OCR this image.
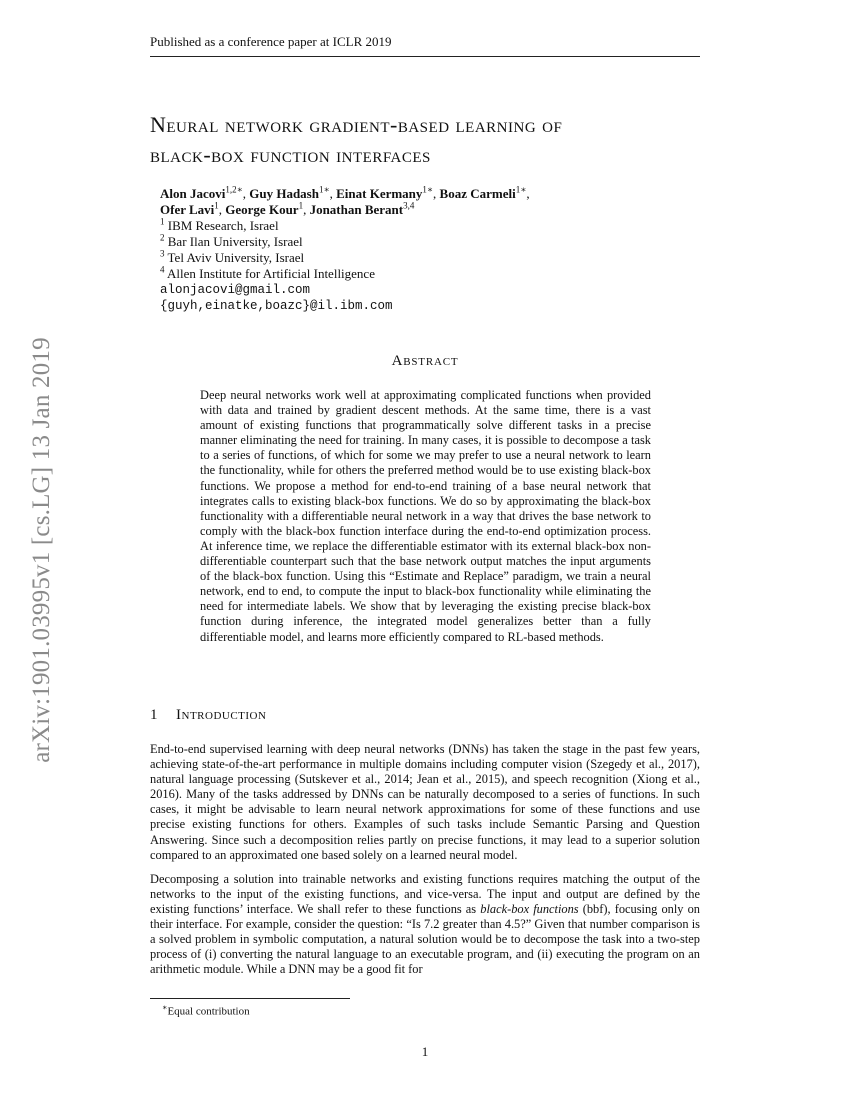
Published as a conference paper at ICLR 2019
arXiv:1901.03995v1 [cs.LG] 13 Jan 2019
Neural network gradient-based learning of
black-box function interfaces
Alon Jacovi$^{1,2∗}$, Guy Hadash$^{1∗}$, Einat Kermany$^{1∗}$, Boaz Carmeli$^{1∗}$,
Ofer Lavi$^1$, George Kour$^1$, Jonathan Berant$^{3,4}$
$^1$ IBM Research, Israel
$^2$ Bar Ilan University, Israel
$^3$ Tel Aviv University, Israel
$^4$ Allen Institute for Artificial Intelligence
alonjacovi@gmail.com
{guyh,einatke,boazc}@il.ibm.com
Abstract
Deep neural networks work well at approximating complicated functions when provided with data and trained by gradient descent methods. At the same time, there is a vast amount of existing functions that programmatically solve different tasks in a precise manner eliminating the need for training. In many cases, it is possible to decompose a task to a series of functions, of which for some we may prefer to use a neural network to learn the functionality, while for others the preferred method would be to use existing black-box functions. We propose a method for end-to-end training of a base neural network that integrates calls to existing black-box functions. We do so by approximating the black-box functionality with a differentiable neural network in a way that drives the base network to comply with the black-box function interface during the end-to-end optimization process. At inference time, we replace the differentiable estimator with its external black-box non-differentiable counterpart such that the base network output matches the input arguments of the black-box function. Using this “Estimate and Replace” paradigm, we train a neural network, end to end, to compute the input to black-box functionality while eliminating the need for intermediate labels. We show that by leveraging the existing precise black-box function during inference, the integrated model generalizes better than a fully differentiable model, and learns more efficiently compared to RL-based methods.
1 Introduction

End-to-end supervised learning with deep neural networks (DNNs) has taken the stage in the past few years, achieving state-of-the-art performance in multiple domains including computer vision (Szegedy et al., 2017), natural language processing (Sutskever et al., 2014; Jean et al., 2015), and speech recognition (Xiong et al., 2016). Many of the tasks addressed by DNNs can be naturally decomposed to a series of functions. In such cases, it might be advisable to learn neural network approximations for some of these functions and use precise existing functions for others. Examples of such tasks include Semantic Parsing and Question Answering. Since such a decomposition relies partly on precise functions, it may lead to a superior solution compared to an approximated one based solely on a learned neural model.

Decomposing a solution into trainable networks and existing functions requires matching the output of the networks to the input of the existing functions, and vice-versa. The input and output are defined by the existing functions’ interface. We shall refer to these functions as black-box functions (bbf), focusing only on their interface. For example, consider the question: “Is 7.2 greater than 4.5?” Given that number comparison is a solved problem in symbolic computation, a natural solution would be to decompose the task into a two-step process of (i) converting the natural language to an executable program, and (ii) executing the program on an arithmetic module. While a DNN may be a good fit for

∗Equal contribution
1
